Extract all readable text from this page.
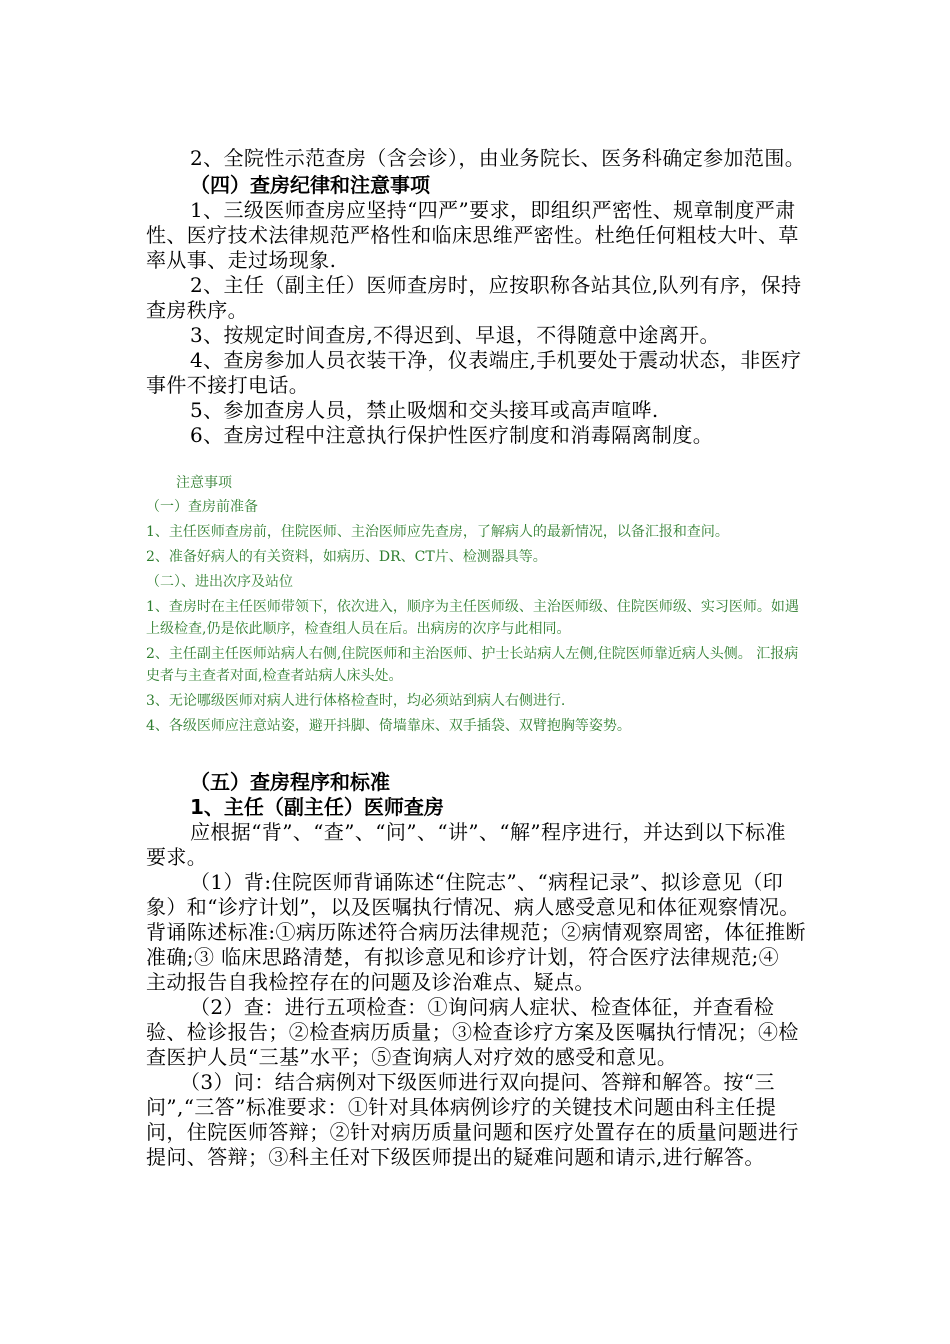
2、全院性示范查房（含会诊），由业务院长、医务科确定参加范围。

（四）查房纪律和注意事项

1、三级医师查房应坚持“四严”要求，即组织严密性、规章制度严肃性、医疗技术法律规范严格性和临床思维严密性。杜绝任何粗枝大叶、草率从事、走过场现象.

2、主任（副主任）医师查房时，应按职称各站其位,队列有序，保持查房秩序。

3、按规定时间查房,不得迟到、早退，不得随意中途离开。

4、查房参加人员衣装干净，仪表端庄,手机要处于震动状态，非医疗事件不接打电话。

5、参加查房人员，禁止吸烟和交头接耳或高声喧哗.

6、查房过程中注意执行保护性医疗制度和消毒隔离制度。

注意事项

（一）查房前准备

1、主任医师查房前，住院医师、主治医师应先查房，了解病人的最新情况，以备汇报和查问。

2、准备好病人的有关资料，如病历、DR、CT片、检测器具等。

（二）、进出次序及站位

1、查房时在主任医师带领下，依次进入，顺序为主任医师级、主治医师级、住院医师级、实习医师。如遇上级检查,仍是依此顺序，检查组人员在后。出病房的次序与此相同。

2、主任副主任医师站病人右侧,住院医师和主治医师、护士长站病人左侧,住院医师靠近病人头侧。 汇报病史者与主查者对面,检查者站病人床头处。

3、无论哪级医师对病人进行体格检查时，均必须站到病人右侧进行.

4、各级医师应注意站姿，避开抖脚、倚墙靠床、双手插袋、双臂抱胸等姿势。

（五）查房程序和标准

1、主任（副主任）医师查房

应根据“背”、“查”、“问”、“讲”、“解”程序进行，并达到以下标准要求。

（1）背:住院医师背诵陈述“住院志”、“病程记录”、拟诊意见（印象）和“诊疗计划”，以及医嘱执行情况、病人感受意见和体征观察情况。背诵陈述标准:①病历陈述符合病历法律规范；②病情观察周密，体征推断准确;③ 临床思路清楚，有拟诊意见和诊疗计划，符合医疗法律规范;④ 主动报告自我检控存在的问题及诊治难点、疑点。

（2）查：进行五项检查：①询问病人症状、检查体征，并查看检验、检诊报告；②检查病历质量；③检查诊疗方案及医嘱执行情况；④检查医护人员“三基”水平；⑤查询病人对疗效的感受和意见。

（3）问：结合病例对下级医师进行双向提问、答辩和解答。按“三问”,“三答”标准要求：①针对具体病例诊疗的关键技术问题由科主任提问，住院医师答辩；②针对病历质量问题和医疗处置存在的质量问题进行提问、答辩；③科主任对下级医师提出的疑难问题和请示,进行解答。
